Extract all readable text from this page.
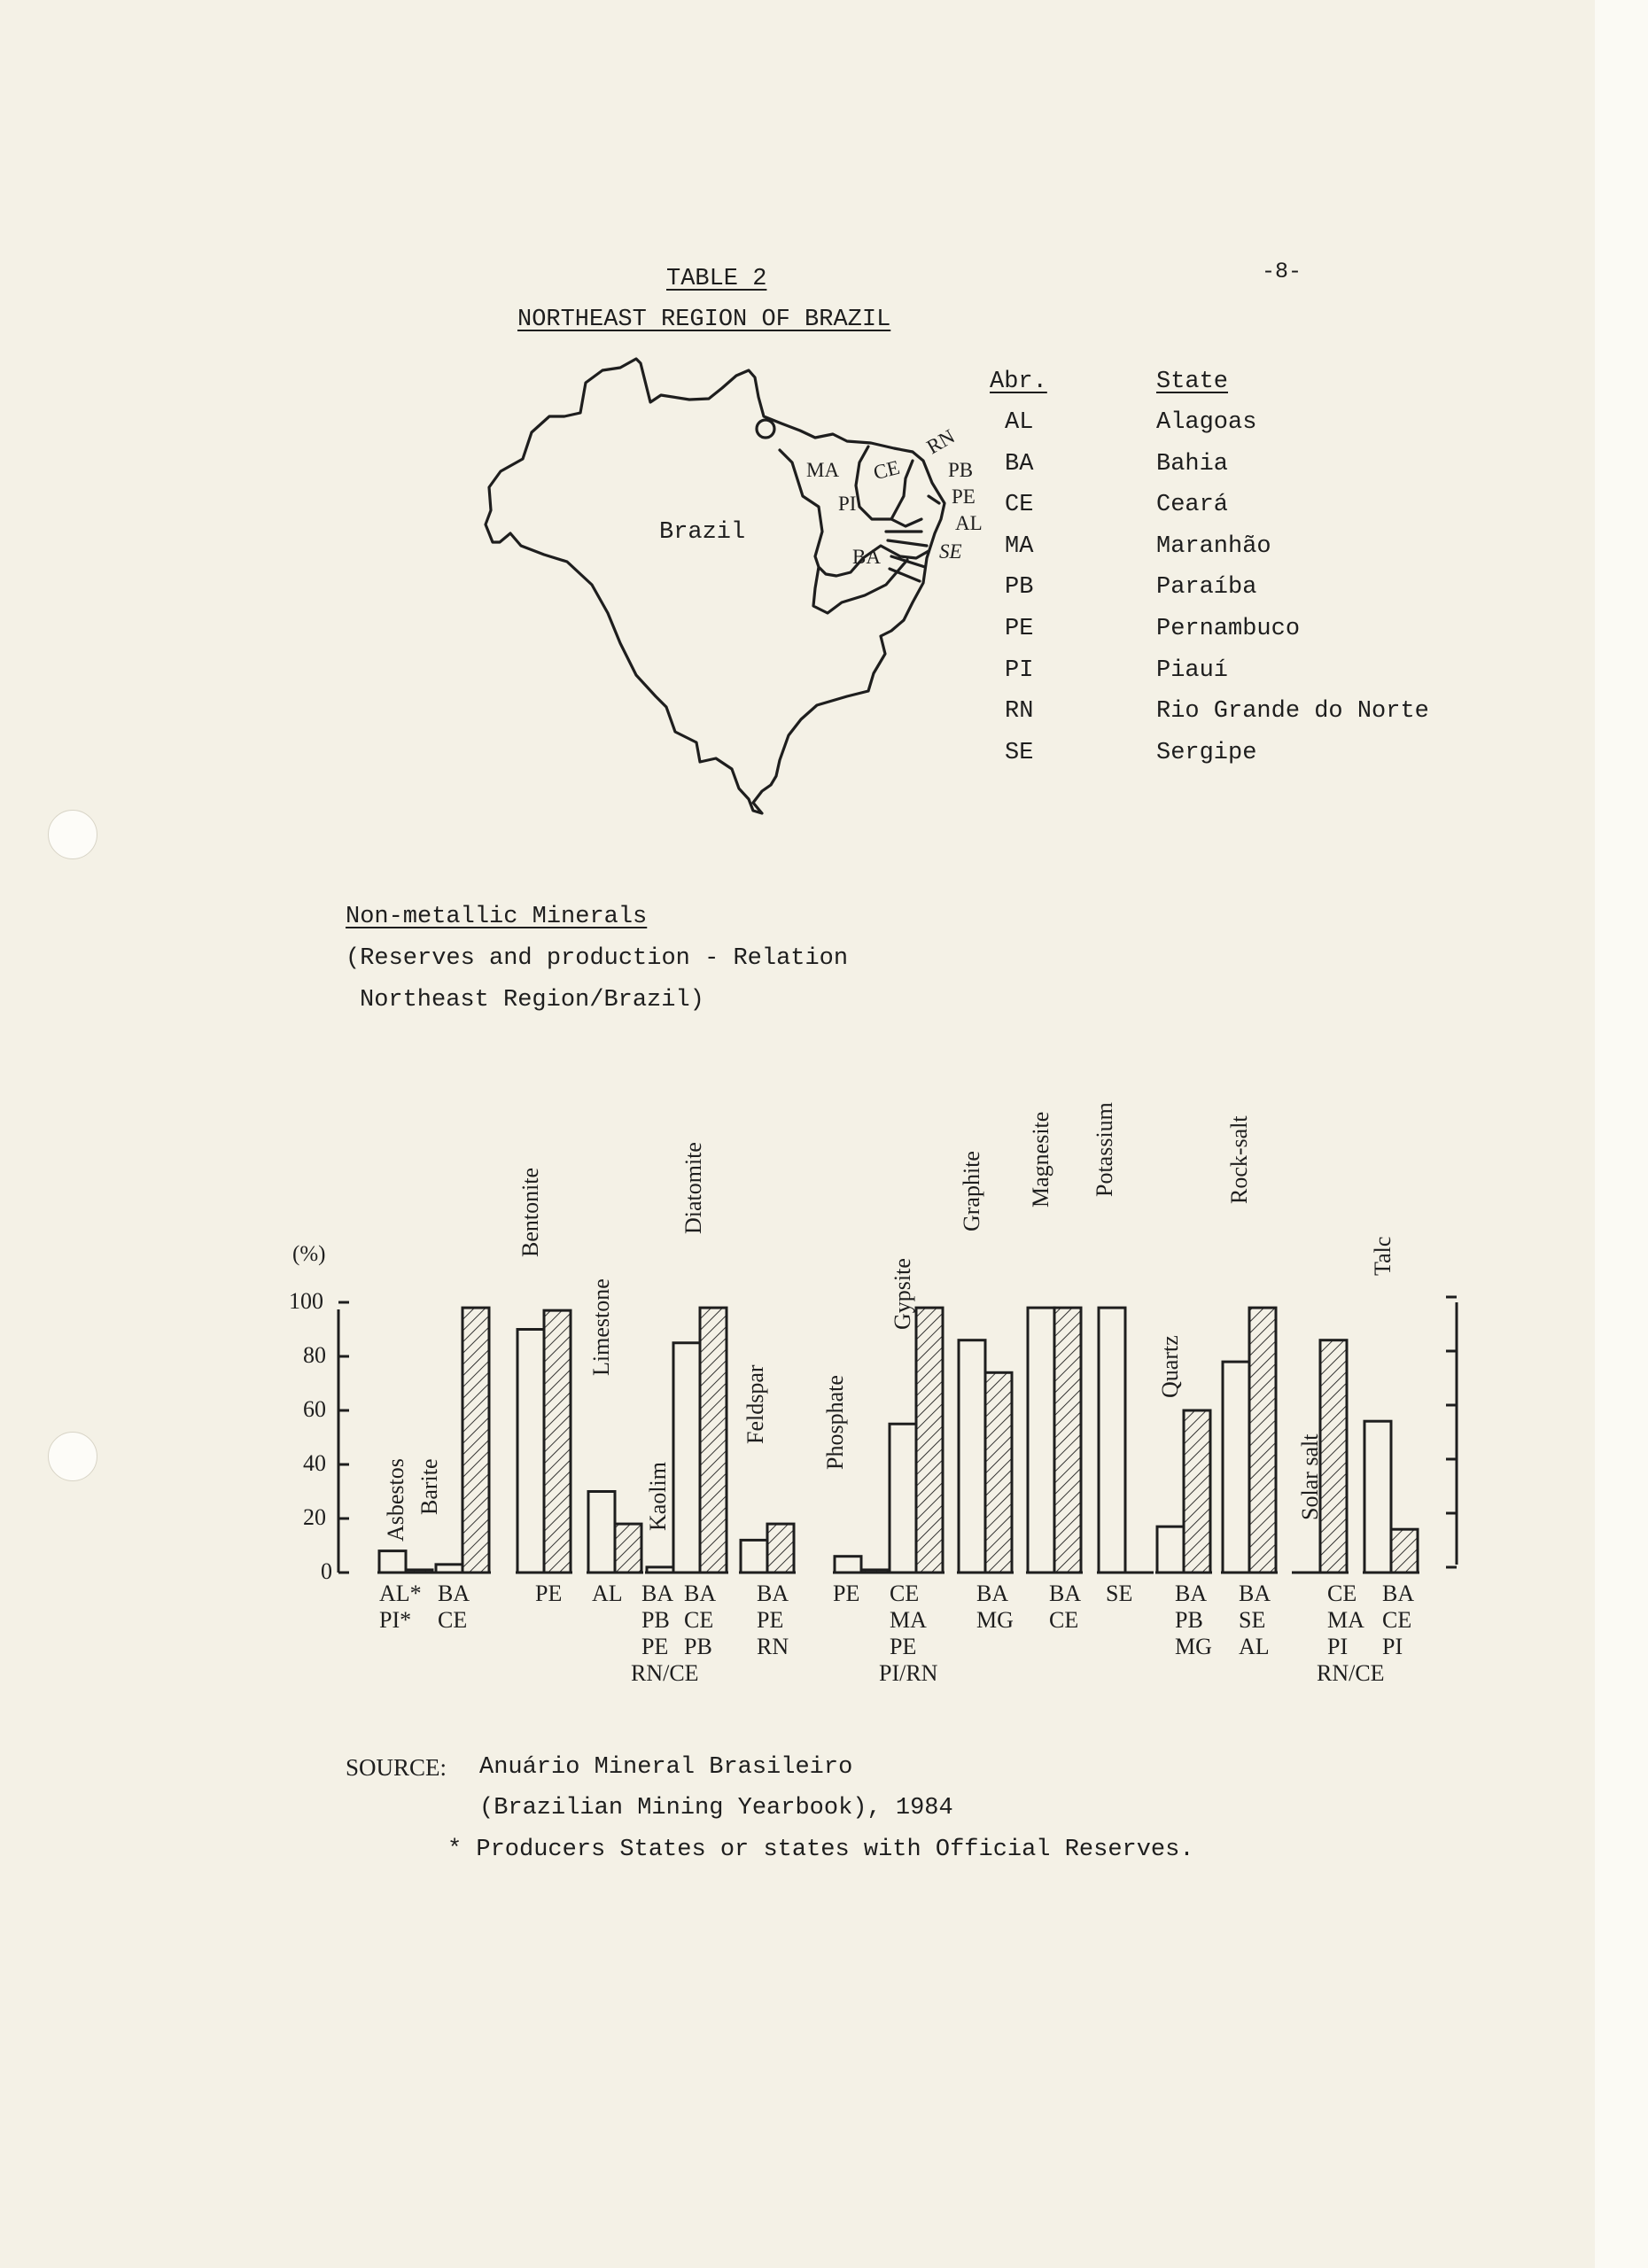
-8-
TABLE 2
NORTHEAST REGION OF BRAZIL
Brazil
MA CE
PI
BA
RN
PB
PE
AL
SE
Abr.	State
AL	Alagoas
BA	Bahia
CE	Ceará
MA	Maranhão
PB	Paraíba
PE	Pernambuco
PI	Piauí
RN	Rio Grande do Norte
SE	Sergipe
Non-metallic Minerals
(Reserves and production - Relation
Northeast Region/Brazil)
(%)
100
80
60
40
20
0
Asbestos
AL*
PI*
Barite
BA
CE
Bentonite
PE
Limestone
AL
Kaolim
BA
PB
PE
RN/CE
Diatomite
BA
CE
PB
Feldspar
BA
PE
RN
Phosphate
PE
Gypsite
CE
MA
PE
PI/RN
Graphite
BA
MG
Magnesite
BA
CE
Potassium
SE
Quartz
BA
PB
MG
Rock-salt
BA
SE
AL
Solar salt
CE
MA
PI
RN/CE
Talc
BA
CE
PI
SOURCE: Anuário Mineral Brasileiro
(Brazilian Mining Yearbook), 1984
* Producers States or states with Official Reserves.
